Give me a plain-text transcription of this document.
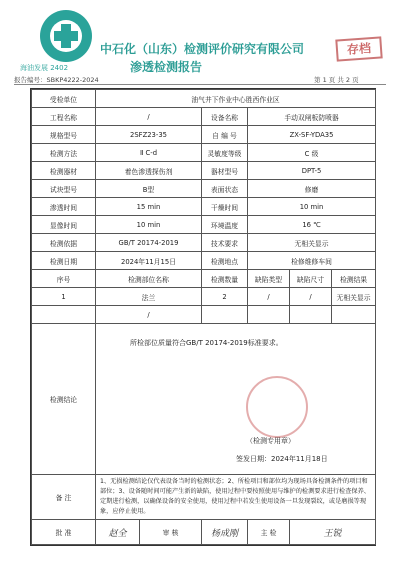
海油发展 2402
中石化（山东）检测评价研究有限公司
渗透检测报告
存档
报告编号：SBKP4222-2024	第 1 页 共 2 页
受检单位	油气井下作业中心胜西作业区					
工程名称	/		设备名称	手动双闸板防喷器		
规格型号	2SFZ23-35		自 编 号	ZX-SF-YDA35		
检测方法	Ⅱ C-d		灵敏度等级	C 级		
检测器材	着色渗透探伤剂		器材型号	DPT-5		
试块型号	B型		表面状态	修磨		
渗透时间	15 min		干燥时间	10 min		
显像时间	10 min		环境温度	16 ℃		
检测依据	GB/T 20174-2019		技术要求	无相关显示		
检测日期	2024年11月15日		检测地点	检修维修车间		
序号	检测部位名称		检测数量	缺陷类型	缺陷尺寸	检测结果
1	法兰		2	/	/	无相关显示
	/					
检测结论	所检部位质量符合GB/T 20174-2019标准要求。
（检测专用章）
签发日期：2024年11月18日					

备 注	1、无损检测结论仅代表设备当时的检测状态；2、所检项目和部位均为现场具备检测条件的项目和部位；3、设备随时间可能产生新的缺陷，使用过程中要按照使用与维护的检测要求进行检查保养、定期进行检测，以确保设备的安全使用，使用过程中若发生使用设备一旦发现裂纹，或是磨损等现象，应停止使用。					
批 准	赵全	审 核	杨成刚	主 检	王锐	
